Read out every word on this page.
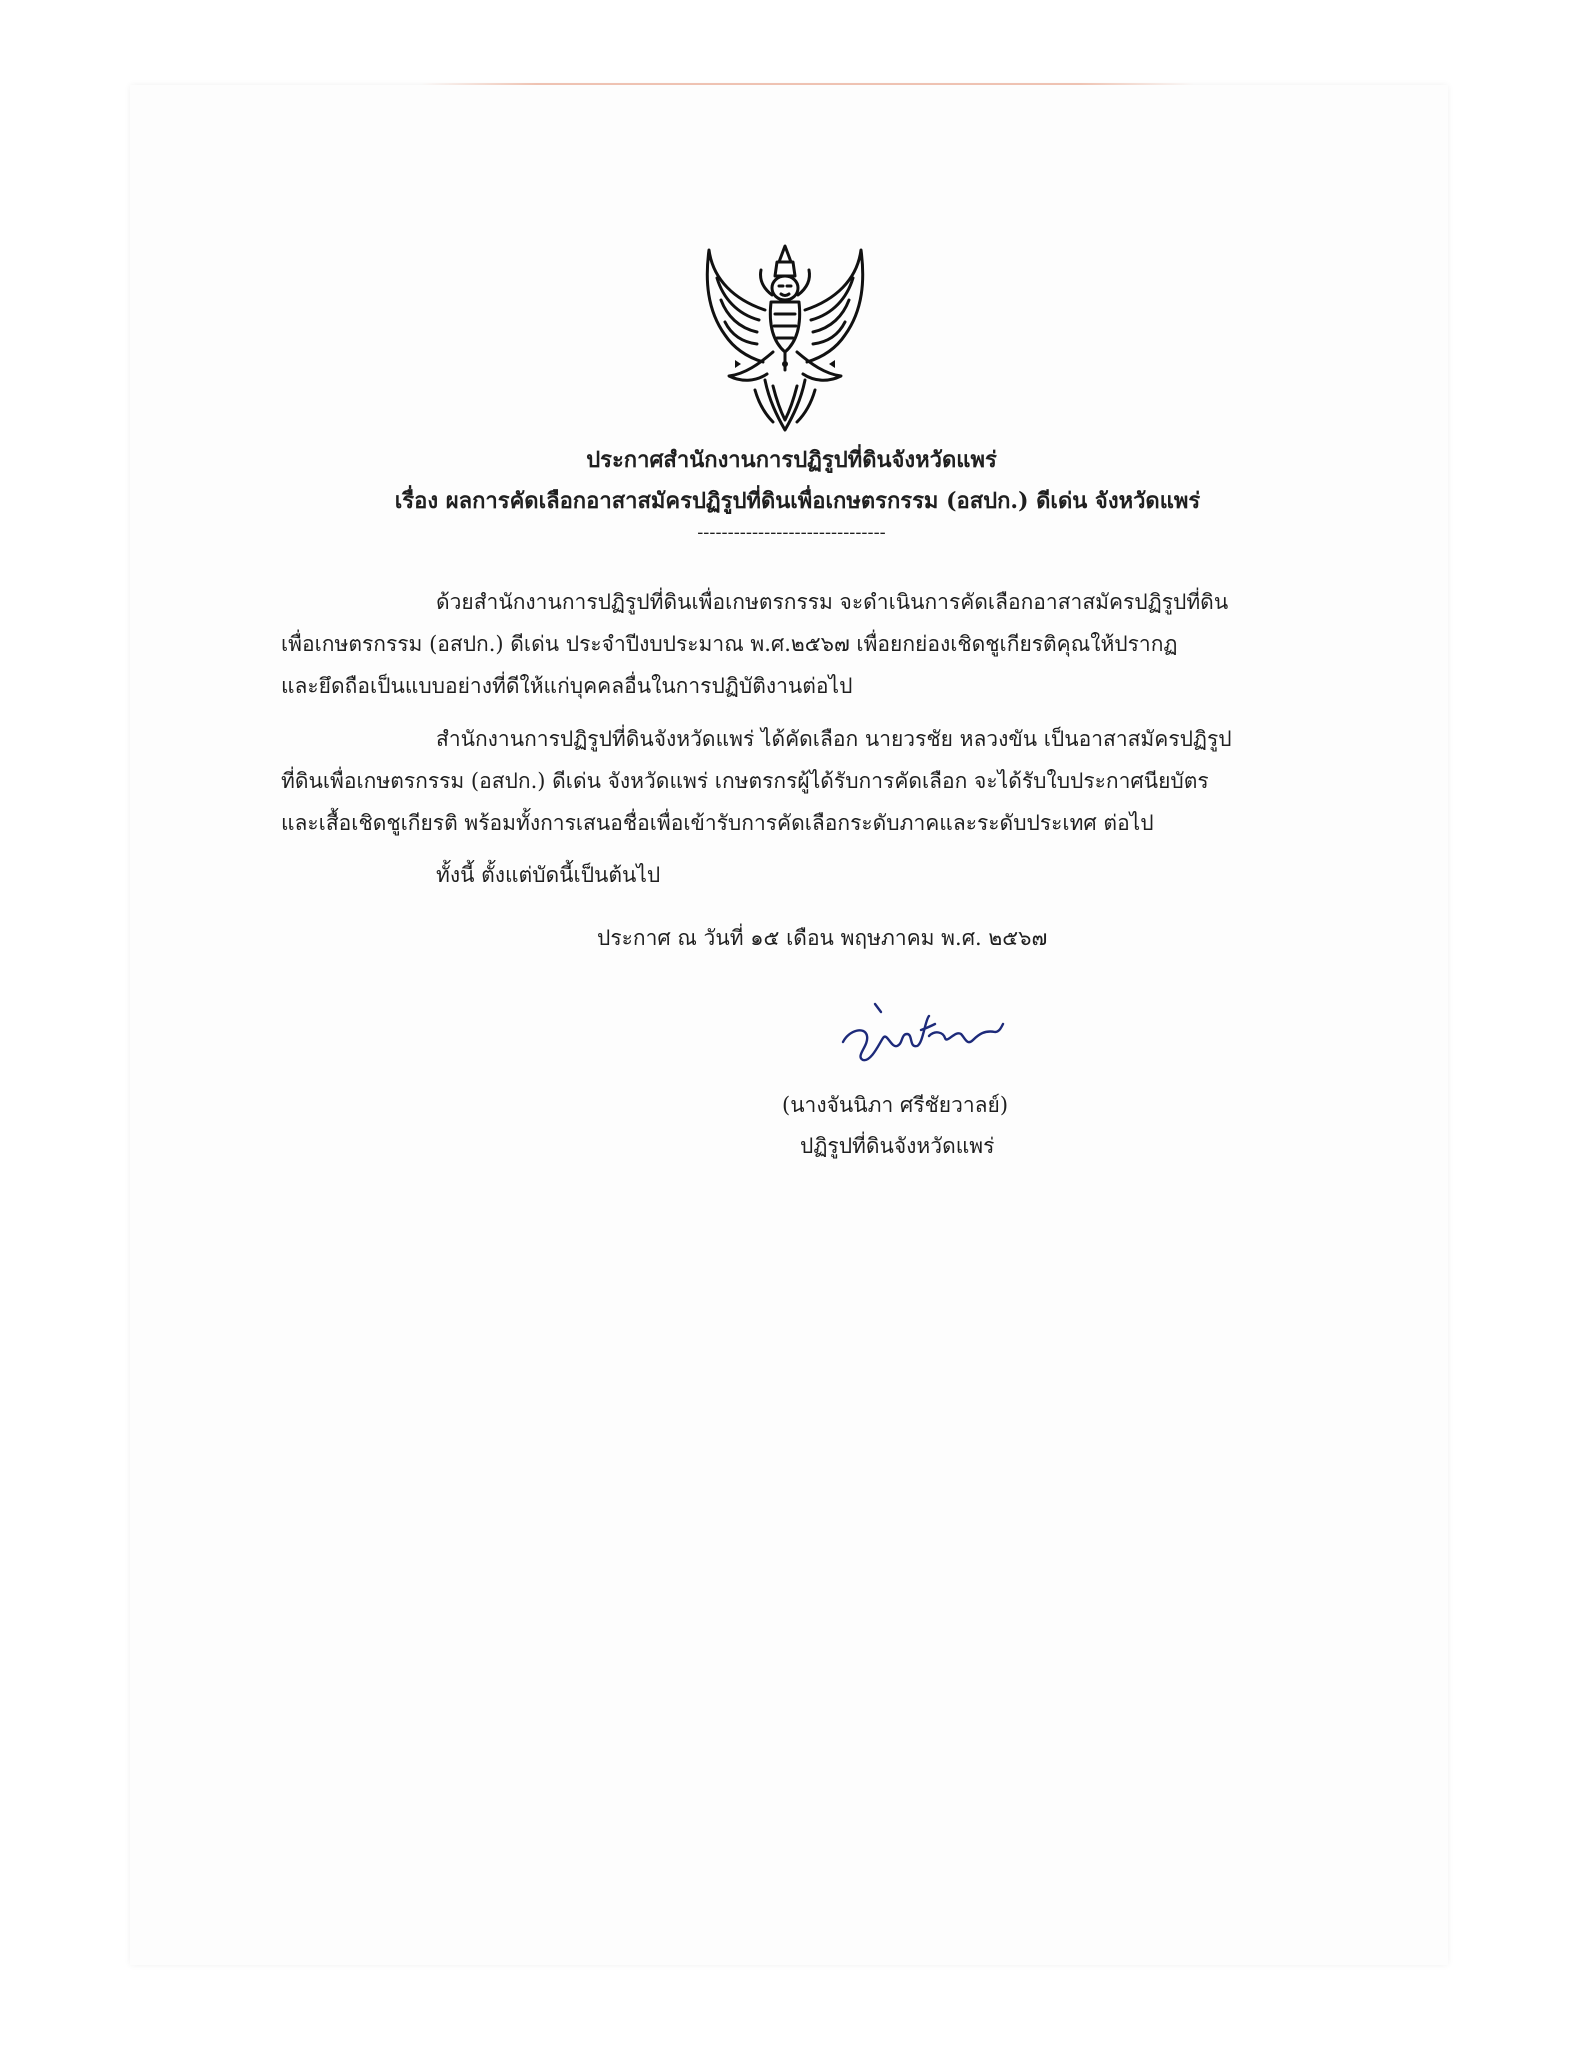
ประกาศสำนักงานการปฏิรูปที่ดินจังหวัดแพร่
เรื่อง ผลการคัดเลือกอาสาสมัครปฏิรูปที่ดินเพื่อเกษตรกรรม (อสปก.) ดีเด่น จังหวัดแพร่
-------------------------------
ด้วยสำนักงานการปฏิรูปที่ดินเพื่อเกษตรกรรม จะดำเนินการคัดเลือกอาสาสมัครปฏิรูปที่ดิน
เพื่อเกษตรกรรม (อสปก.) ดีเด่น ประจำปีงบประมาณ พ.ศ.๒๕๖๗ เพื่อยกย่องเชิดชูเกียรติคุณให้ปรากฏ
และยึดถือเป็นแบบอย่างที่ดีให้แก่บุคคลอื่นในการปฏิบัติงานต่อไป
สำนักงานการปฏิรูปที่ดินจังหวัดแพร่ ได้คัดเลือก นายวรชัย หลวงขัน เป็นอาสาสมัครปฏิรูป
ที่ดินเพื่อเกษตรกรรม (อสปก.) ดีเด่น จังหวัดแพร่ เกษตรกรผู้ได้รับการคัดเลือก จะได้รับใบประกาศนียบัตร
และเสื้อเชิดชูเกียรติ พร้อมทั้งการเสนอชื่อเพื่อเข้ารับการคัดเลือกระดับภาคและระดับประเทศ ต่อไป
ทั้งนี้ ตั้งแต่บัดนี้เป็นต้นไป
ประกาศ ณ วันที่ ๑๕ เดือน พฤษภาคม พ.ศ. ๒๕๖๗
(นางจันนิภา ศรีชัยวาลย์)
ปฏิรูปที่ดินจังหวัดแพร่
